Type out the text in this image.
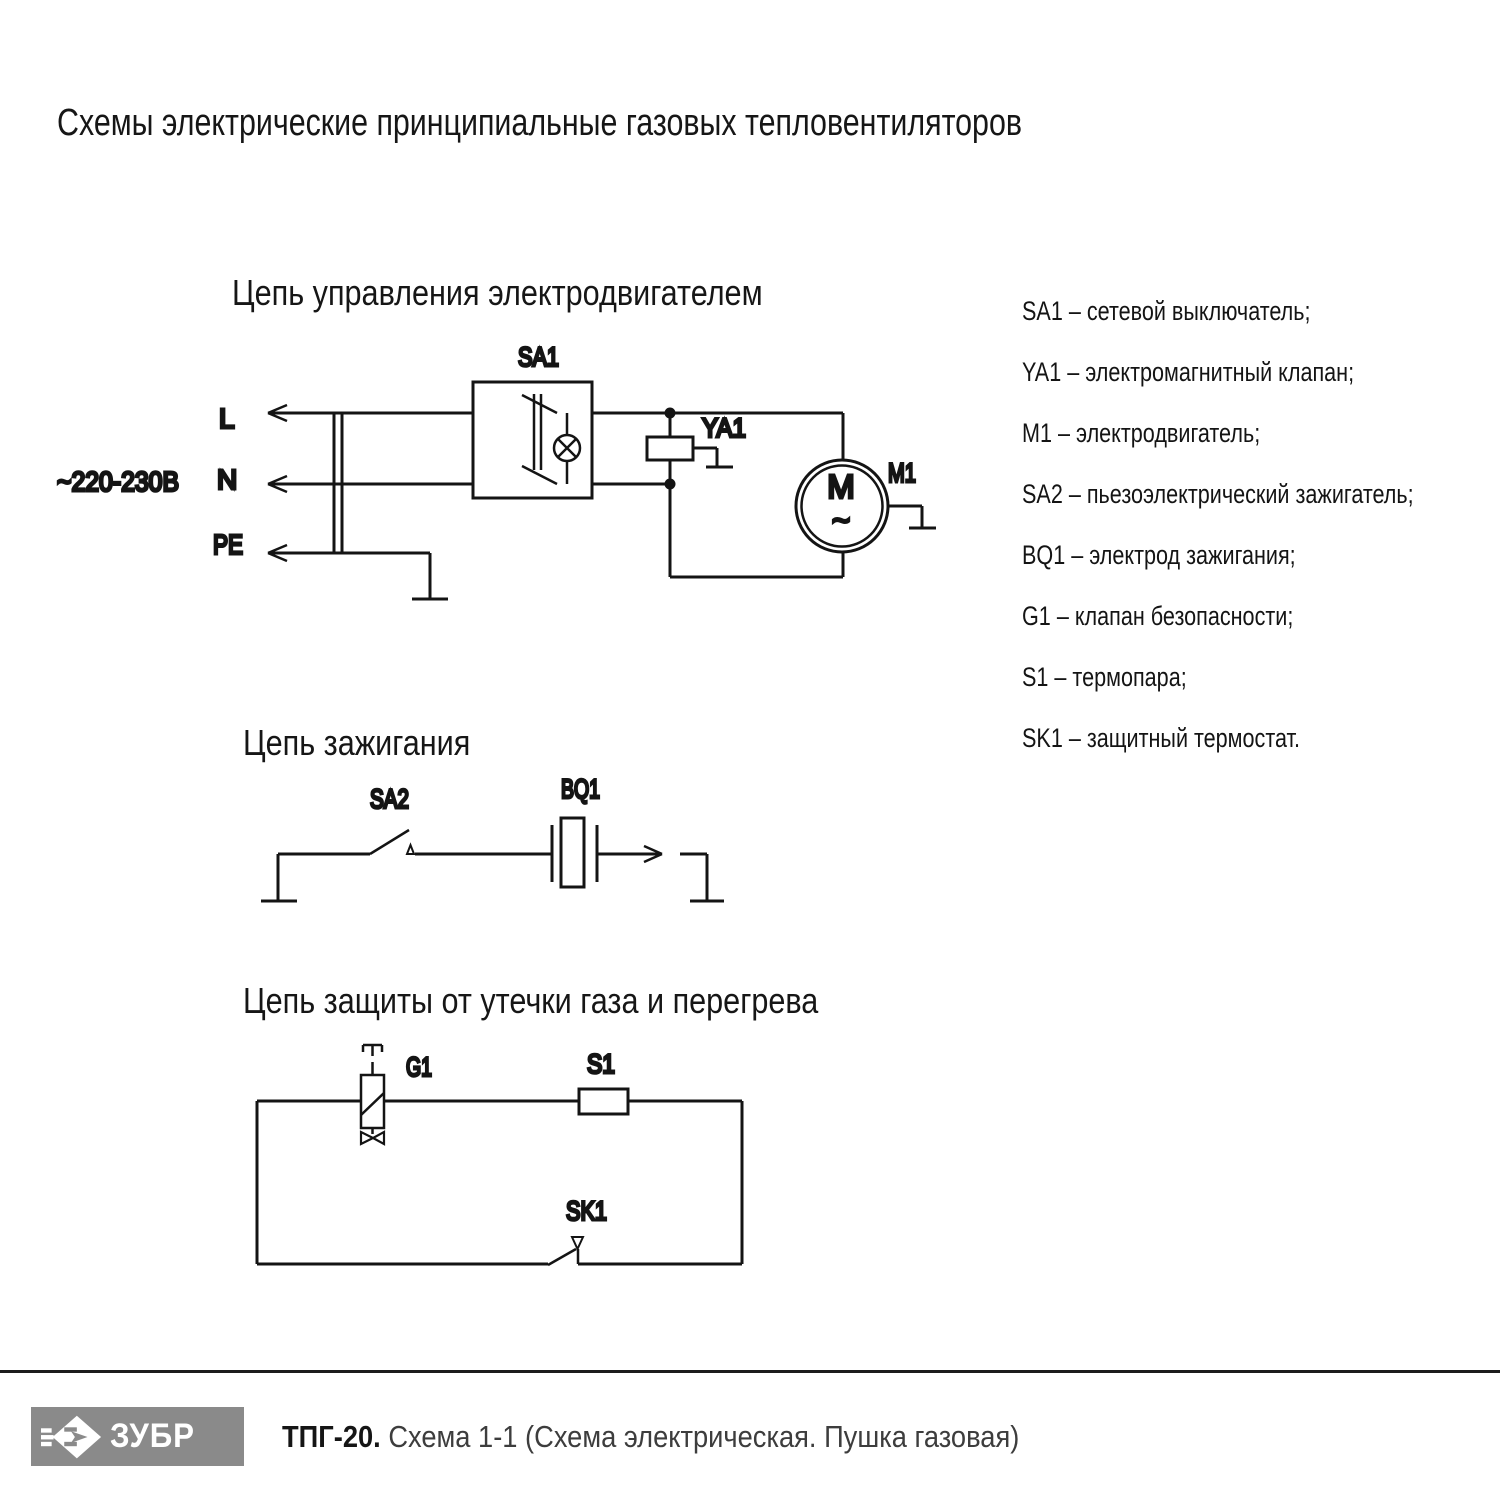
Схемы электрические принципиальные газовых тепловентиляторов
Цепь управления электродвигателем
Цепь зажигания
Цепь защиты от утечки газа и перегрева
SA1 – сетевой выключатель;
YA1 – электромагнитный клапан;
M1 – электродвигатель;
SA2 – пьезоэлектрический зажигатель;
BQ1 – электрод зажигания;
G1 – клапан безопасности;
S1 – термопара;
SK1 – защитный термостат.
M
~
L
N
PE
~220-230В
SA1
YA1
M1
SA2	BQ1
G1	S1
SK1
ЗУБР	ТПГ-20. Схема 1-1 (Схема электрическая. Пушка газовая)
